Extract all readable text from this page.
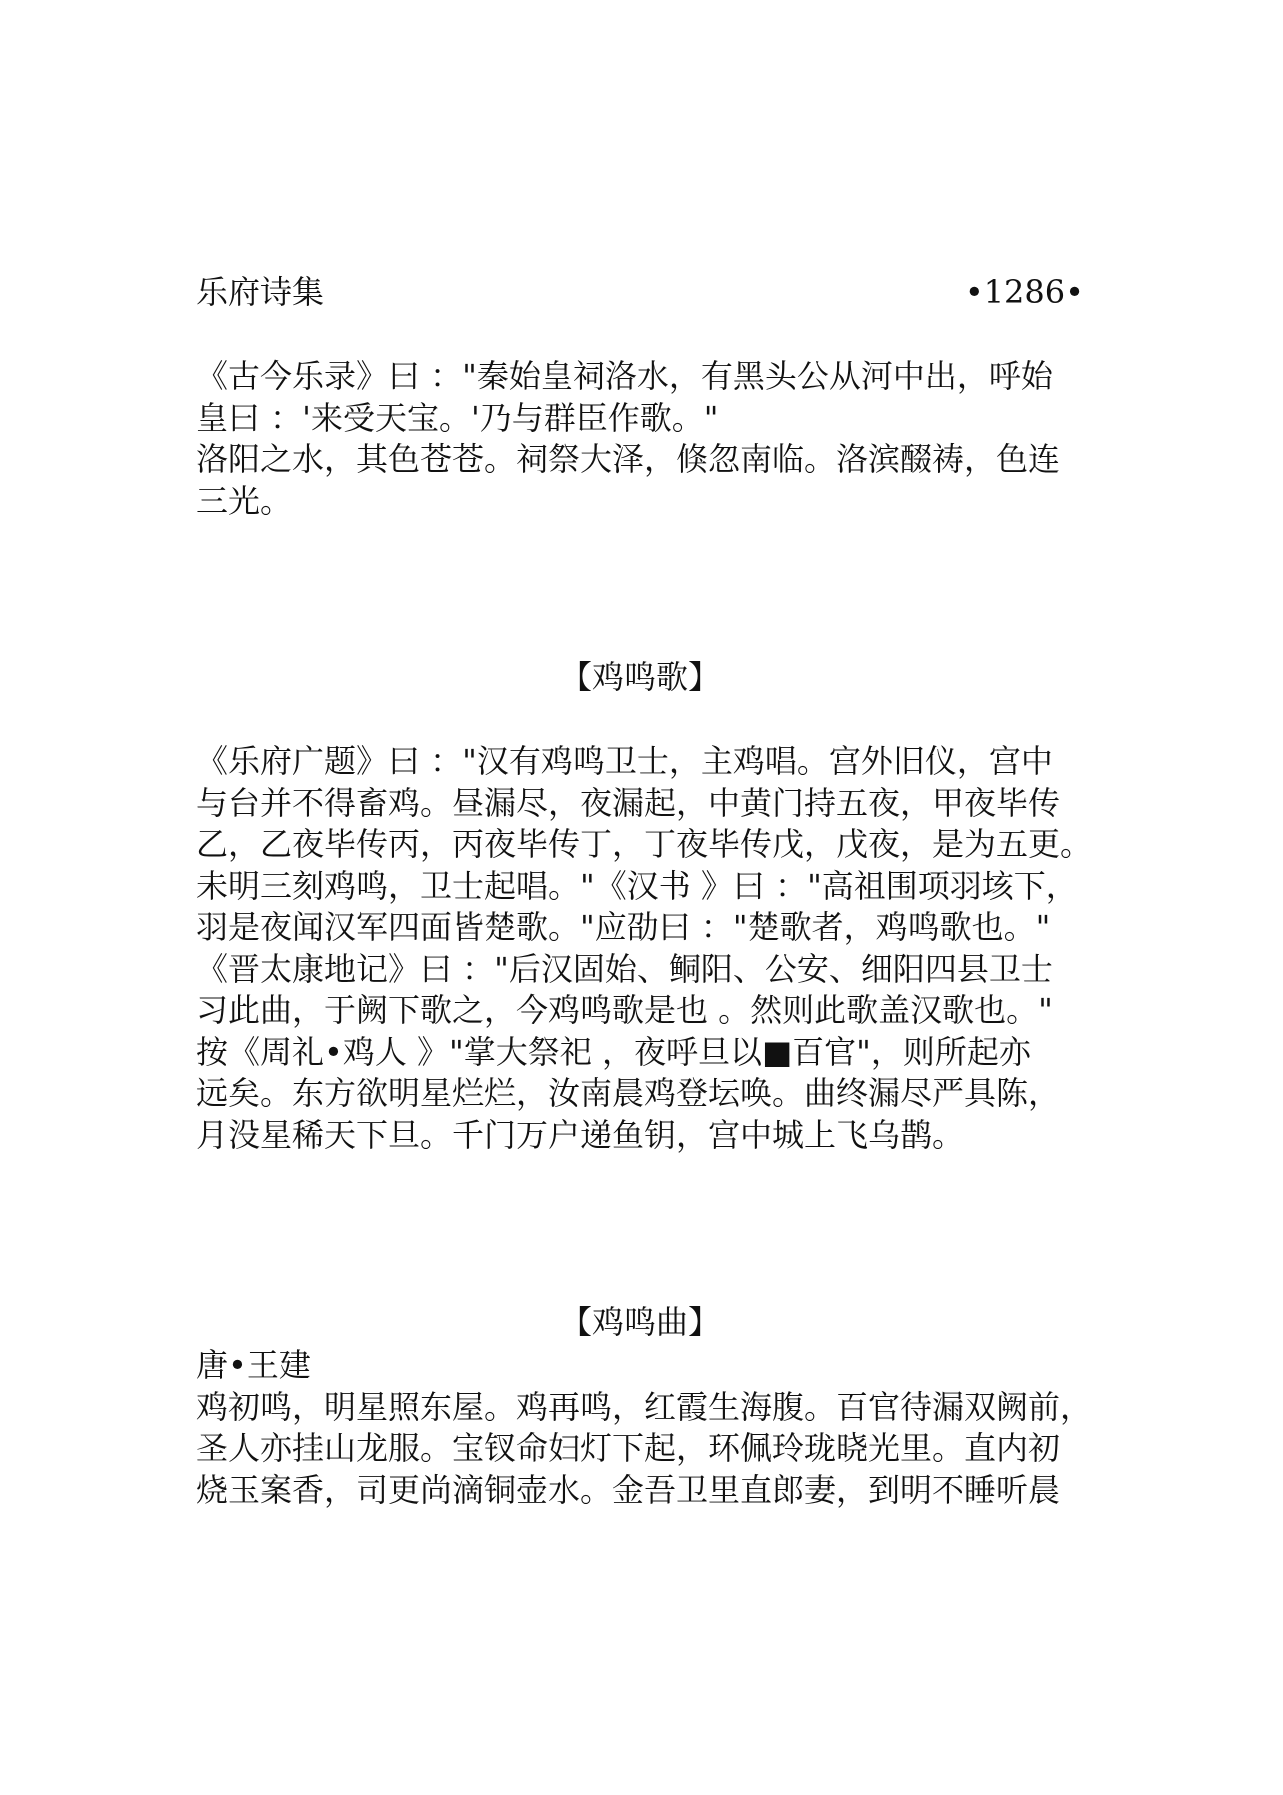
乐府诗集	•1286•

《古今乐录》曰 ："秦始皇祠洛水，有黑头公从河中出，呼始

皇曰 ：'来受天宝。'乃与群臣作歌。"

洛阳之水，其色苍苍。祠祭大泽，倏忽南临。洛滨醊祷，色连

三光。

【鸡鸣歌】

《乐府广题》曰 ："汉有鸡鸣卫士，主鸡唱。宫外旧仪，宫中

与台并不得畜鸡。昼漏尽，夜漏起，中黄门持五夜，甲夜毕传

乙，乙夜毕传丙，丙夜毕传丁，丁夜毕传戊，戊夜，是为五更。

未明三刻鸡鸣，卫士起唱。"《汉书 》曰 ："高祖围项羽垓下，

羽是夜闻汉军四面皆楚歌。"应劭曰 ："楚歌者，鸡鸣歌也。"

《晋太康地记》曰 ："后汉固始、鲖阳、公安、细阳四县卫士

习此曲，于阙下歌之，今鸡鸣歌是也 。然则此歌盖汉歌也。"

按《周礼•鸡人 》"掌大祭祀 ，夜呼旦以■百官"，则所起亦

远矣。东方欲明星烂烂，汝南晨鸡登坛唤。曲终漏尽严具陈，

月没星稀天下旦。千门万户递鱼钥，宫中城上飞乌鹊。

【鸡鸣曲】

唐•王建

鸡初鸣，明星照东屋。鸡再鸣，红霞生海腹。百官待漏双阙前，

圣人亦挂山龙服。宝钗命妇灯下起，环佩玲珑晓光里。直内初

烧玉案香，司更尚滴铜壶水。金吾卫里直郎妻，到明不睡听晨
